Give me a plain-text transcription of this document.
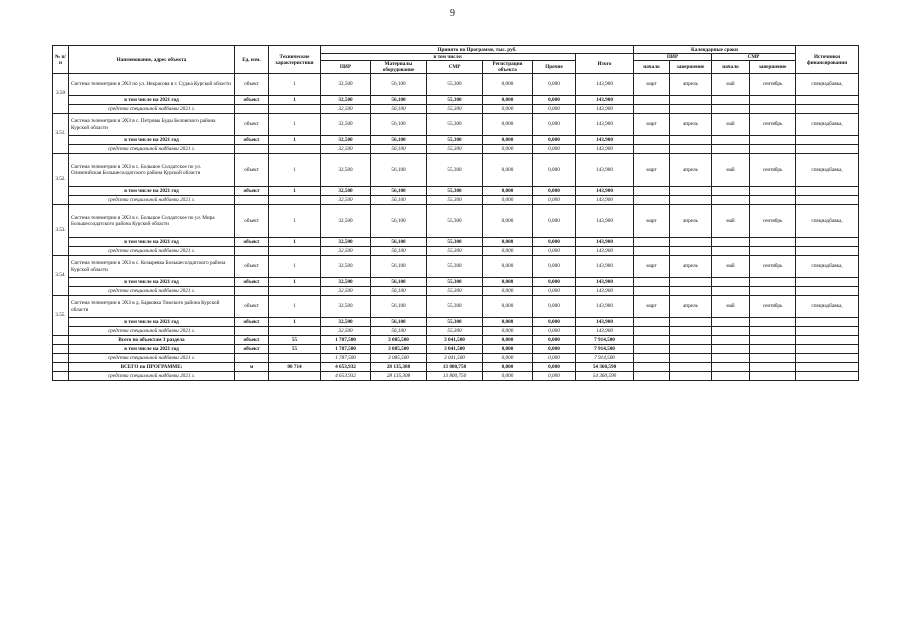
9
№ п/п	Наименование, адрес объекта	Ед. изм.	Технические характеристики	Принято по Программе, тыс. руб.						Календарные сроки				Источники финансирования
				в том числе:					Итого	ПИР		СМР		
				ПИР	Материалы оборудование	СМР	Регистрация объекта	Прочие		начало	завершение	начало	завершение	
3.50	Система телеметрии в ЭХЗ по ул. Некрасова в г. Суджа Курской области	объект	1	32,500	56,100	55,300	0,000	0,000	143,900	март	апрель	май	сентябрь	спецнадбавка,
	в том числе на 2021 год	объект	1	32,500	56,100	55,300	0,000	0,000	143,900					
	средства специальной надбавки 2021 г.			32,500	56,100	55,300	0,000	0,000	143,900					
3.51.	Система телеметрии в ЭХЗ в с. Петровы Буды Беловского района Курской области	объект	1	32,500	56,100	55,300	0,000	0,000	143,900	март	апрель	май	сентябрь	спецнадбавка,
	в том числе на 2021 год	объект	1	32,500	56,100	55,300	0,000	0,000	143,900					
	средства специальной надбавки 2021 г.			32,500	56,100	55,300	0,000	0,000	143,900					
3.52.	Система телеметрии в ЭХЗ в с. Большое Солдатское по ул. Олимпийская Большесолдатского района Курской области	объект	1	32,500	56,100	55,300	0,000	0,000	143,900	март	апрель	май	сентябрь	спецнадбавка,
	в том числе на 2021 год	объект	1	32,500	56,100	55,300	0,000	0,000	143,900					
	средства специальной надбавки 2021 г.			32,500	56,100	55,300	0,000	0,000	143,900					
3.53.	Система телеметрии в ЭХЗ в с. Большое Солдатское по ул. Мира Большесолдатского района Курской области	объект	1	32,500	56,100	55,300	0,000	0,000	143,900	март	апрель	май	сентябрь	спецнадбавка,
	в том числе на 2021 год	объект	1	32,500	56,100	55,300	0,000	0,000	143,900					
	средства специальной надбавки 2021 г.			32,500	56,100	55,300	0,000	0,000	143,900					
3.54.	Система телеметрии в ЭХЗ в с. Козыревка Большесолдатского района Курской области	объект	1	32,500	56,100	55,300	0,000	0,000	143,900	март	апрель	май	сентябрь	спецнадбавка,
	в том числе на 2021 год	объект	1	32,500	56,100	55,300	0,000	0,000	143,900					
	средства специальной надбавки 2021 г.			32,500	56,100	55,300	0,000	0,000	143,900					
3.55.	Система телеметрии в ЭХЗ в д. Барковка Тимского района Курской области	объект	1	32,500	56,100	55,300	0,000	0,000	143,900	март	апрель	май	сентябрь	спецнадбавка,
	в том числе на 2021 год	объект	1	32,500	56,100	55,300	0,000	0,000	143,900					
	средства специальной надбавки 2021 г.			32,500	56,100	55,300	0,000	0,000	143,900					
	Всего по объектам 3 раздела	объект	55	1 787,500	3 085,500	3 041,500	0,000	0,000	7 914,500					
	в том числе на 2021 год	объект	55	1 787,500	3 085,500	3 041,500	0,000	0,000	7 914,500					
	средства специальной надбавки 2021 г.			1 787,500	3 085,500	3 041,500	0,000	0,000	7 914,500					
	ВСЕГО по ПРОГРАММЕ:	м	80 714	4 653,932	28 135,308	13 800,750	0,000	0,000	54 360,590					
	средства специальной надбавки 2021 г.			4 653,932	28 135,308	13 800,750	0,000	0,000	54 360,590					
